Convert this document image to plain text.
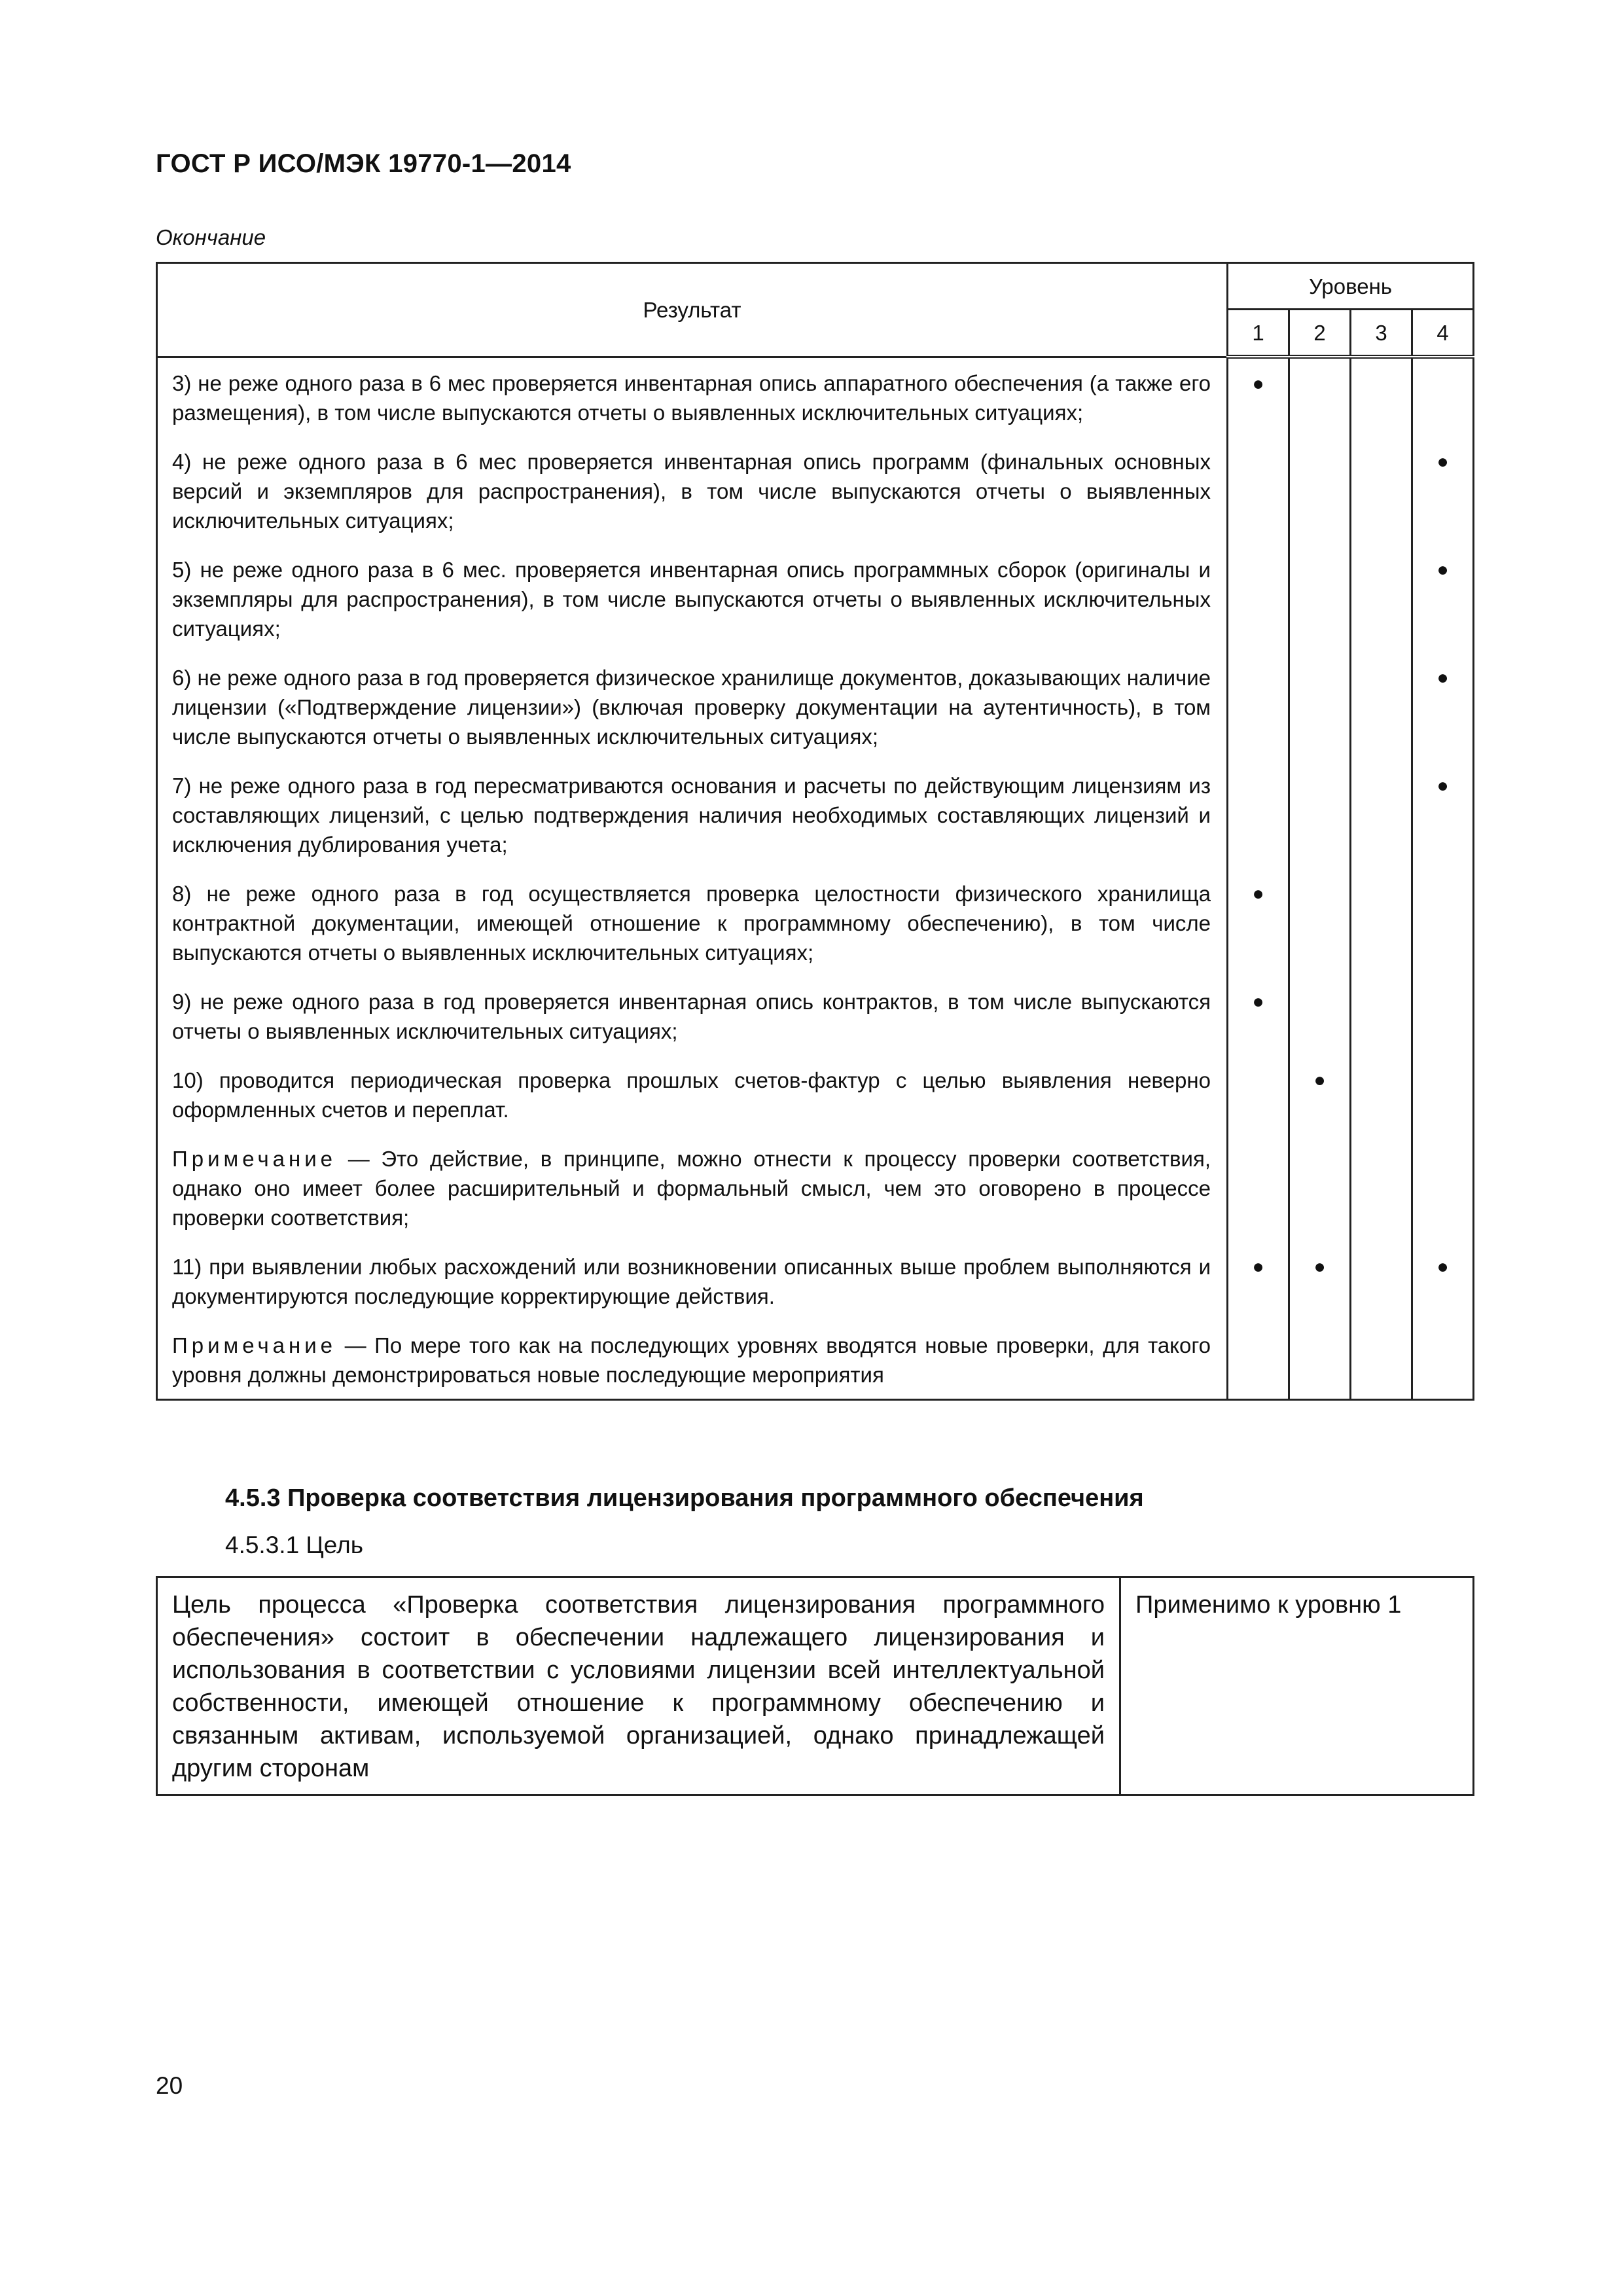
ГОСТ Р ИСО/МЭК 19770-1—2014
Окончание
Результат	Уровень			
	1	2	3	4
3) не реже одного раза в 6 мес проверяется инвентарная опись аппаратного обеспечения (а также его размещения), в том числе выпускаются отчеты о выявленных исключительных ситуациях;	●			
4) не реже одного раза в 6 мес проверяется инвентарная опись программ (финальных основных версий и экземпляров для распространения), в том числе выпускаются отчеты о выявленных исключительных ситуациях;				●
5) не реже одного раза в 6 мес. проверяется инвентарная опись программных сборок (оригиналы и экземпляры для распространения), в том числе выпускаются отчеты о выявленных исключительных ситуациях;				●
6) не реже одного раза в год проверяется физическое хранилище документов, доказывающих наличие лицензии («Подтверждение лицензии») (включая проверку документации на аутентичность), в том числе выпускаются отчеты о выявленных исключительных ситуациях;				●
7) не реже одного раза в год пересматриваются основания и расчеты по действующим лицензиям из составляющих лицензий, с целью подтверждения наличия необходимых составляющих лицензий и исключения дублирования учета;				●
8) не реже одного раза в год осуществляется проверка целостности физического хранилища контрактной документации, имеющей отношение к программному обеспечению), в том числе выпускаются отчеты о выявленных исключительных ситуациях;	●			
9) не реже одного раза в год проверяется инвентарная опись контрактов, в том числе выпускаются отчеты о выявленных исключительных ситуациях;	●			
10) проводится периодическая проверка прошлых счетов-фактур с целью выявления неверно оформленных счетов и переплат.		●		
Примечание — Это действие, в принципе, можно отнести к процессу проверки соответствия, однако оно имеет более расширительный и формальный смысл, чем это оговорено в процессе проверки соответствия;				
11) при выявлении любых расхождений или возникновении описанных выше проблем выполняются и документируются последующие корректирующие действия.	●	●		●
Примечание — По мере того как на последующих уровнях вводятся новые проверки, для такого уровня должны демонстрироваться новые последующие мероприятия				
4.5.3 Проверка соответствия лицензирования программного обеспечения
4.5.3.1 Цель
Цель процесса «Проверка соответствия лицензирования программного обеспечения» состоит в обеспечении надлежащего лицензирования и использования в соответствии с условиями лицензии всей интеллектуальной собственности, имеющей отношение к программному обеспечению и связанным активам, используемой организацией, однако принадлежащей другим сторонам	Применимо к уровню 1
20
